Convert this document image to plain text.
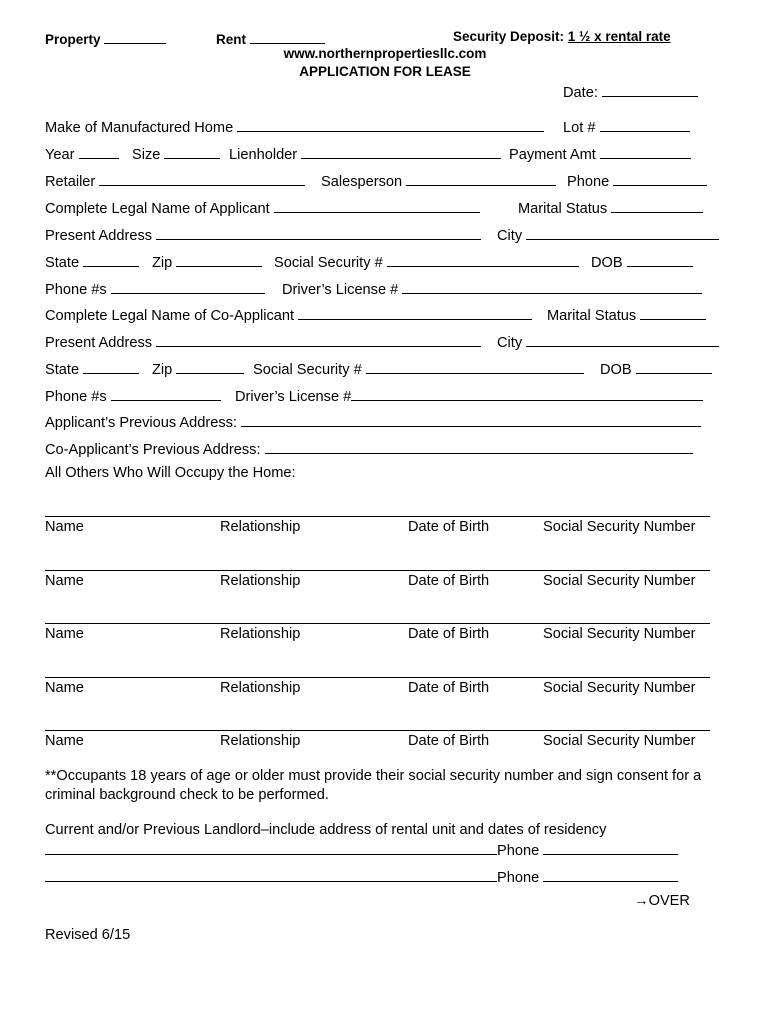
Property	Rent	Security Deposit: 1 ½ x rental rate
www.northernpropertiesllc.com
APPLICATION FOR LEASE
Date:
Make of Manufactured Home	Lot #
Year	Size	Lienholder	Payment Amt
Retailer	Salesperson	Phone
Complete Legal Name of Applicant	Marital Status
Present Address	City
State	Zip	Social Security #	DOB
Phone #s	Driver’s License #
Complete Legal Name of Co-Applicant	Marital Status
Present Address	City
State	Zip	Social Security #	DOB
Phone #s	Driver’s License #
Applicant’s Previous Address:
Co-Applicant’s Previous Address:
All Others Who Will Occupy the Home:
Name	Relationship	Date of Birth	Social Security Number
Name	Relationship	Date of Birth	Social Security Number
Name	Relationship	Date of Birth	Social Security Number
Name	Relationship	Date of Birth	Social Security Number
Name	Relationship	Date of Birth	Social Security Number
**Occupants 18 years of age or older must provide their social security number and sign consent for a
criminal background check to be performed.
Current and/or Previous Landlord–include address of rental unit and dates of residency
Phone
Phone
→OVER
Revised 6/15
